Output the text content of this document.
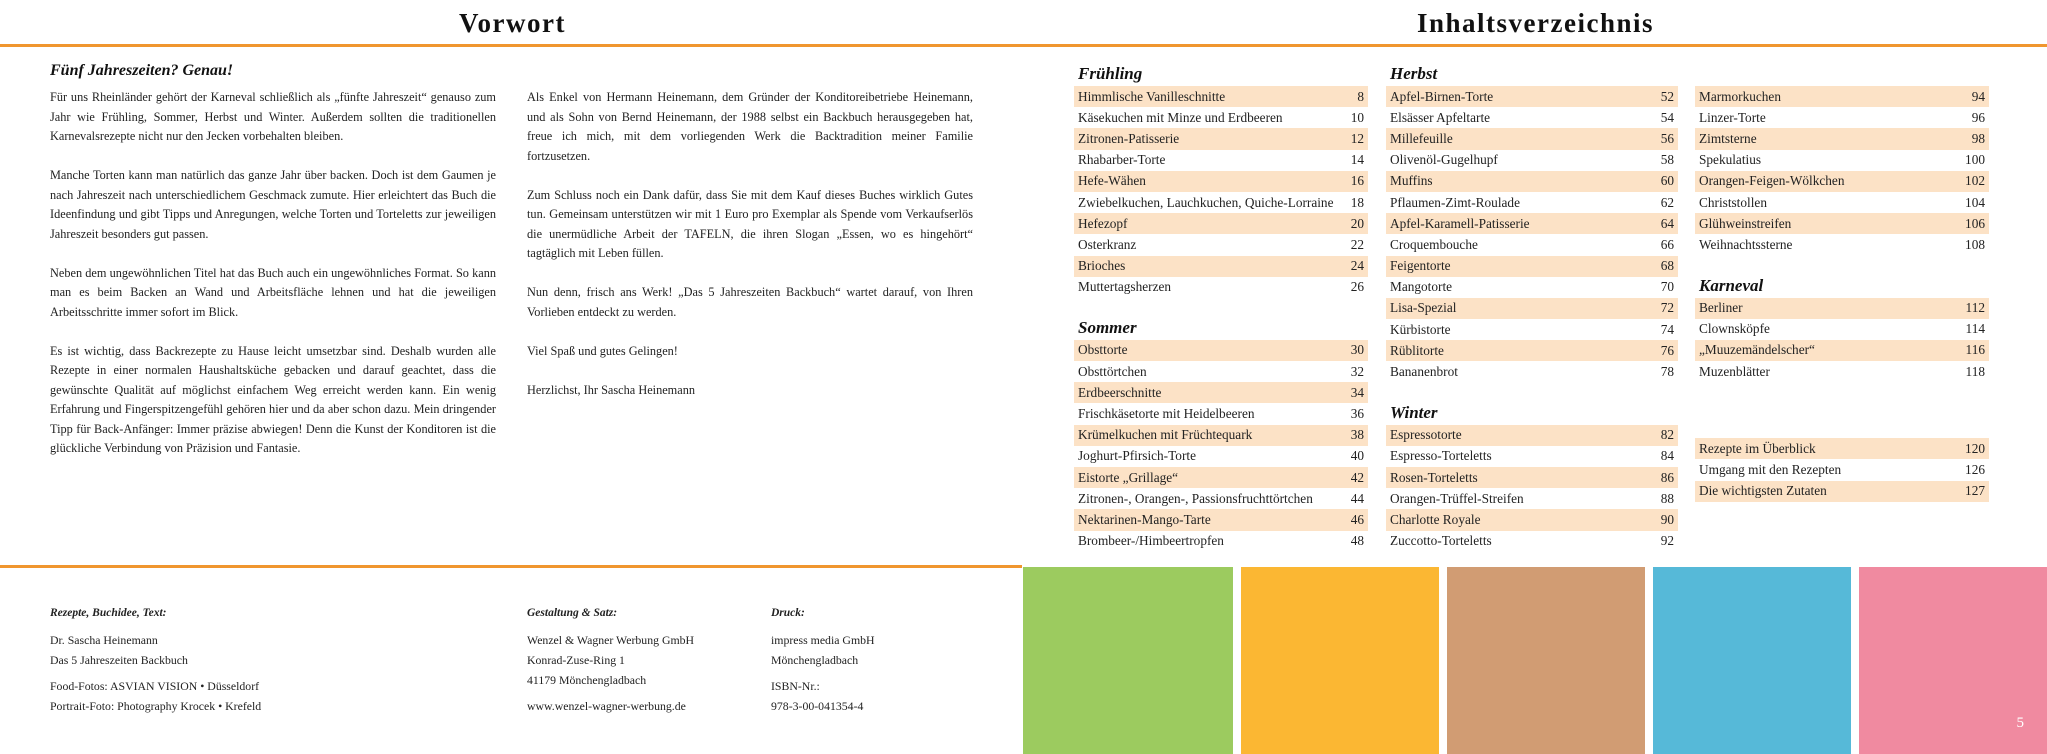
Vorwort	Inhaltsverzeichnis
Fünf Jahreszeiten? Genau!

Für uns Rheinländer gehört der Karneval schließlich als „fünfte Jahreszeit“ genauso zum Jahr wie Frühling, Sommer, Herbst und Winter. Außerdem sollten die traditionellen Karnevalsrezepte nicht nur den Jecken vorbehalten bleiben.

Manche Torten kann man natürlich das ganze Jahr über backen. Doch ist dem Gaumen je nach Jahreszeit nach unterschiedlichem Geschmack zumute. Hier erleichtert das Buch die Ideenfindung und gibt Tipps und Anregungen, welche Torten und Torteletts zur jeweiligen Jahreszeit besonders gut passen.

Neben dem ungewöhnlichen Titel hat das Buch auch ein ungewöhnliches Format. So kann man es beim Backen an Wand und Arbeitsfläche lehnen und hat die jeweiligen Arbeitsschritte immer sofort im Blick.

Es ist wichtig, dass Backrezepte zu Hause leicht umsetzbar sind. Deshalb wurden alle Rezepte in einer normalen Haushaltsküche gebacken und darauf geachtet, dass die gewünschte Qualität auf möglichst einfachem Weg erreicht werden kann. Ein wenig Erfahrung und Fingerspitzengefühl gehören hier und da aber schon dazu. Mein dringender Tipp für Back-Anfänger: Immer präzise abwiegen! Denn die Kunst der Konditoren ist die glückliche Verbindung von Präzision und Fantasie.

Als Enkel von Hermann Heinemann, dem Gründer der Konditoreibetriebe Heinemann, und als Sohn von Bernd Heinemann, der 1988 selbst ein Backbuch herausgegeben hat, freue ich mich, mit dem vorliegenden Werk die Backtradition meiner Familie fortzusetzen.

Zum Schluss noch ein Dank dafür, dass Sie mit dem Kauf dieses Buches wirklich Gutes tun. Gemeinsam unterstützen wir mit 1 Euro pro Exemplar als Spende vom Verkaufserlös die unermüdliche Arbeit der TAFELN, die ihren Slogan „Essen, wo es hingehört“ tagtäglich mit Leben füllen.

Nun denn, frisch ans Werk! „Das 5 Jahreszeiten Backbuch“ wartet darauf, von Ihren Vorlieben entdeckt zu werden.

Viel Spaß und gutes Gelingen!

Herzlichst, Ihr Sascha Heinemann

Frühling
Himmlische Vanilleschnitte	8
Käsekuchen mit Minze und Erdbeeren	10
Zitronen-Patisserie	12
Rhabarber-Torte	14
Hefe-Wähen	16
Zwiebelkuchen, Lauchkuchen, Quiche-Lorraine 18
Hefezopf	20
Osterkranz	22
Brioches	24
Muttertagsherzen	26
Sommer
Obsttorte	30
Obsttörtchen	32
Erdbeerschnitte	34
Frischkäsetorte mit Heidelbeeren	36
Krümelkuchen mit Früchtequark	38
Joghurt-Pfirsich-Torte	40
Eistorte „Grillage“	42
Zitronen-, Orangen-, Passionsfruchttörtchen	44
Nektarinen-Mango-Tarte	46
Brombeer-/Himbeertropfen	48
Herbst
Apfel-Birnen-Torte	52
Elsässer Apfeltarte	54
Millefeuille	56
Olivenöl-Gugelhupf	58
Muffins	60
Pflaumen-Zimt-Roulade	62
Apfel-Karamell-Patisserie	64
Croquembouche	66
Feigentorte	68
Mangotorte	70
Lisa-Spezial	72
Kürbistorte	74
Rüblitorte	76
Bananenbrot	78
Winter
Espressotorte	82
Espresso-Torteletts	84
Rosen-Torteletts	86
Orangen-Trüffel-Streifen	88
Charlotte Royale	90
Zuccotto-Torteletts	92
Marmorkuchen	94
Linzer-Torte	96
Zimtsterne	98
Spekulatius	100
Orangen-Feigen-Wölkchen	102
Christstollen	104
Glühweinstreifen	106
Weihnachtssterne	108
Karneval
Berliner	112
Clownsköpfe	114
„Muuzemändelscher“	116
Muzenblätter	118
Rezepte im Überblick	120
Umgang mit den Rezepten	126
Die wichtigsten Zutaten	127
Rezepte, Buchidee, Text:
Dr. Sascha Heinemann
Das 5 Jahreszeiten Backbuch
Food-Fotos: ASVIAN VISION • Düsseldorf
Portrait-Foto: Photography Krocek • Krefeld
Gestaltung & Satz:
Wenzel & Wagner Werbung GmbH
Konrad-Zuse-Ring 1
41179 Mönchengladbach
www.wenzel-wagner-werbung.de
Druck:
impress media GmbH
Mönchengladbach
ISBN-Nr.:
978-3-00-041354-4
5
